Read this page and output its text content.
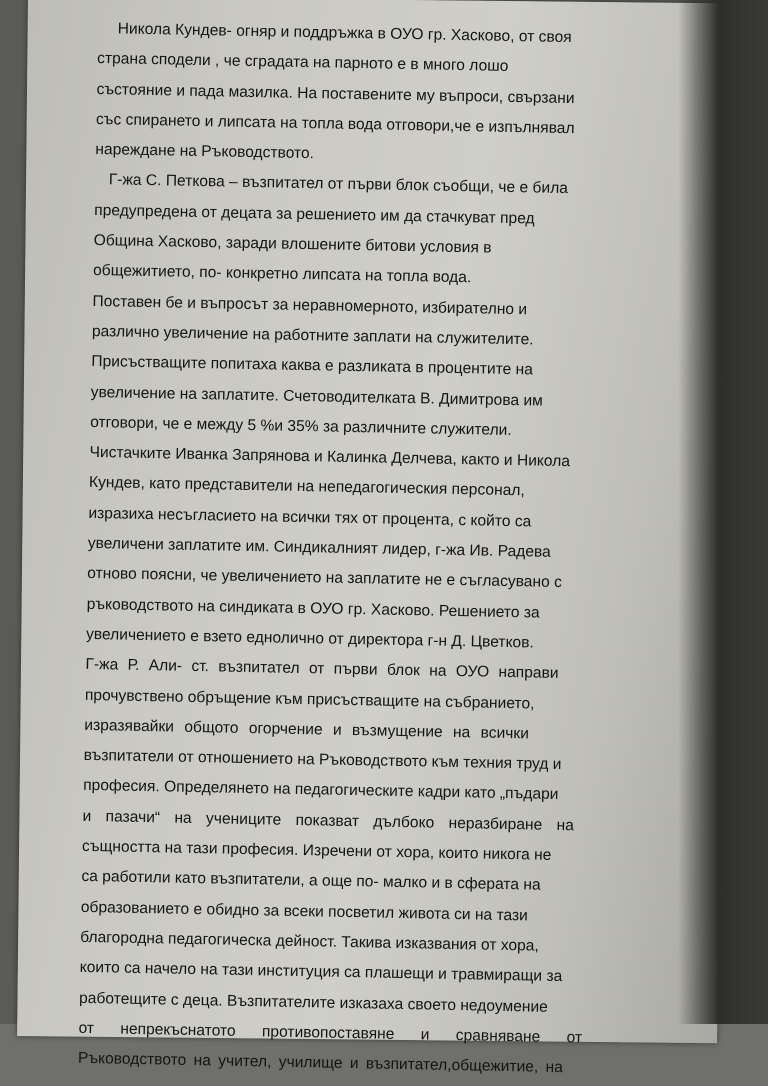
Никола Кундев- огняр и поддръжка в ОУО гр. Хасково, от своя
страна сподели , че сградата на парното е в много лошо
състояние и пада мазилка. На поставените му въпроси, свързани
със спирането и липсата на топла вода отговори,че е изпълнявал
нареждане на Ръководството.
Г-жа С. Петкова – възпитател от първи блок съобщи, че е била
предупредена от децата за решението им да стачкуват пред
Община Хасково, заради влошените битови условия в
общежитието, по- конкретно липсата на топла вода.
Поставен бе и въпросът за неравномерното, избирателно и
различно увеличение на работните заплати на служителите.
Присъстващите попитаха каква е разликата в процентите на
увеличение на заплатите. Счетоводителката В. Димитрова им
отговори, че е между 5 %и 35% за различните служители.
Чистачките Иванка Запрянова и Калинка Делчева, както и Никола
Кундев, като представители на непедагогическия персонал,
изразиха несъгласието на всички тях от процента, с който са
увеличени заплатите им. Синдикалният лидер, г-жа Ив. Радева
отново поясни, че увеличението на заплатите не е съгласувано с
ръководството на синдиката в ОУО гр. Хасково. Решението за
увеличението е взето еднолично от директора г-н Д. Цветков.
Г-жа Р. Али- ст. възпитател от първи блок на ОУО направи
прочувствено обръщение към присъстващите на събранието,
изразявайки общото огорчение и възмущение на всички
възпитатели от отношението на Ръководството към техния труд и
професия. Определянето на педагогическите кадри като „пъдари
и пазачи“ на учениците показват дълбоко неразбиране на
същността на тази професия. Изречени от хора, които никога не
са работили като възпитатели, а още по- малко и в сферата на
образованието е обидно за всеки посветил живота си на тази
благородна педагогическа дейност. Такива изказвания от хора,
които са начело на тази институция са плашещи и травмиращи за
работещите с деца. Възпитателите изказаха своето недоумение
от непрекъснатото противопоставяне и сравняване от
Ръководството на учител, училище и възпитател,общежитие, на
